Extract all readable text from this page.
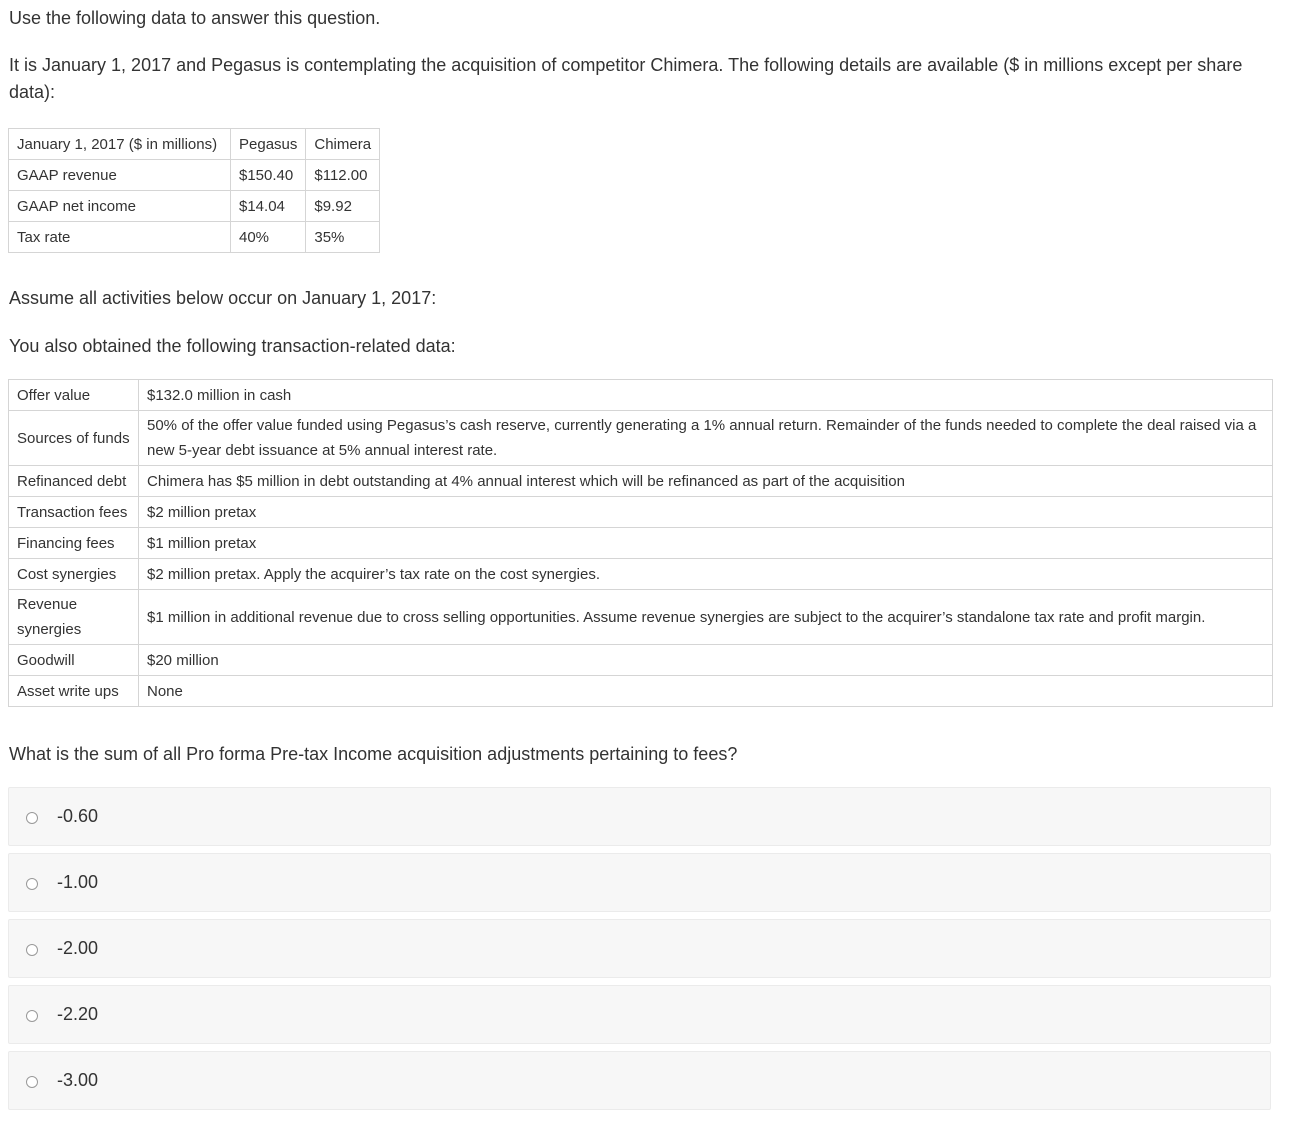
Use the following data to answer this question.

It is January 1, 2017 and Pegasus is contemplating the acquisition of competitor Chimera. The following details are available ($ in millions except per share data):

January 1, 2017 ($ in millions)	Pegasus	Chimera
GAAP revenue	$150.40	$112.00
GAAP net income	$14.04	$9.92
Tax rate	40%	35%

Assume all activities below occur on January 1, 2017:

You also obtained the following transaction-related data:

Offer value	$132.0 million in cash
Sources of funds	50% of the offer value funded using Pegasus’s cash reserve, currently generating a 1% annual return. Remainder of the funds needed to complete the deal raised via a new 5-year debt issuance at 5% annual interest rate.
Refinanced debt	Chimera has $5 million in debt outstanding at 4% annual interest which will be refinanced as part of the acquisition
Transaction fees	$2 million pretax
Financing fees	$1 million pretax
Cost synergies	$2 million pretax. Apply the acquirer’s tax rate on the cost synergies.
Revenue synergies	$1 million in additional revenue due to cross selling opportunities. Assume revenue synergies are subject to the acquirer’s standalone tax rate and profit margin.
Goodwill	$20 million
Asset write ups	None

What is the sum of all Pro forma Pre-tax Income acquisition adjustments pertaining to fees?

-0.60
-1.00
-2.00
-2.20
-3.00
